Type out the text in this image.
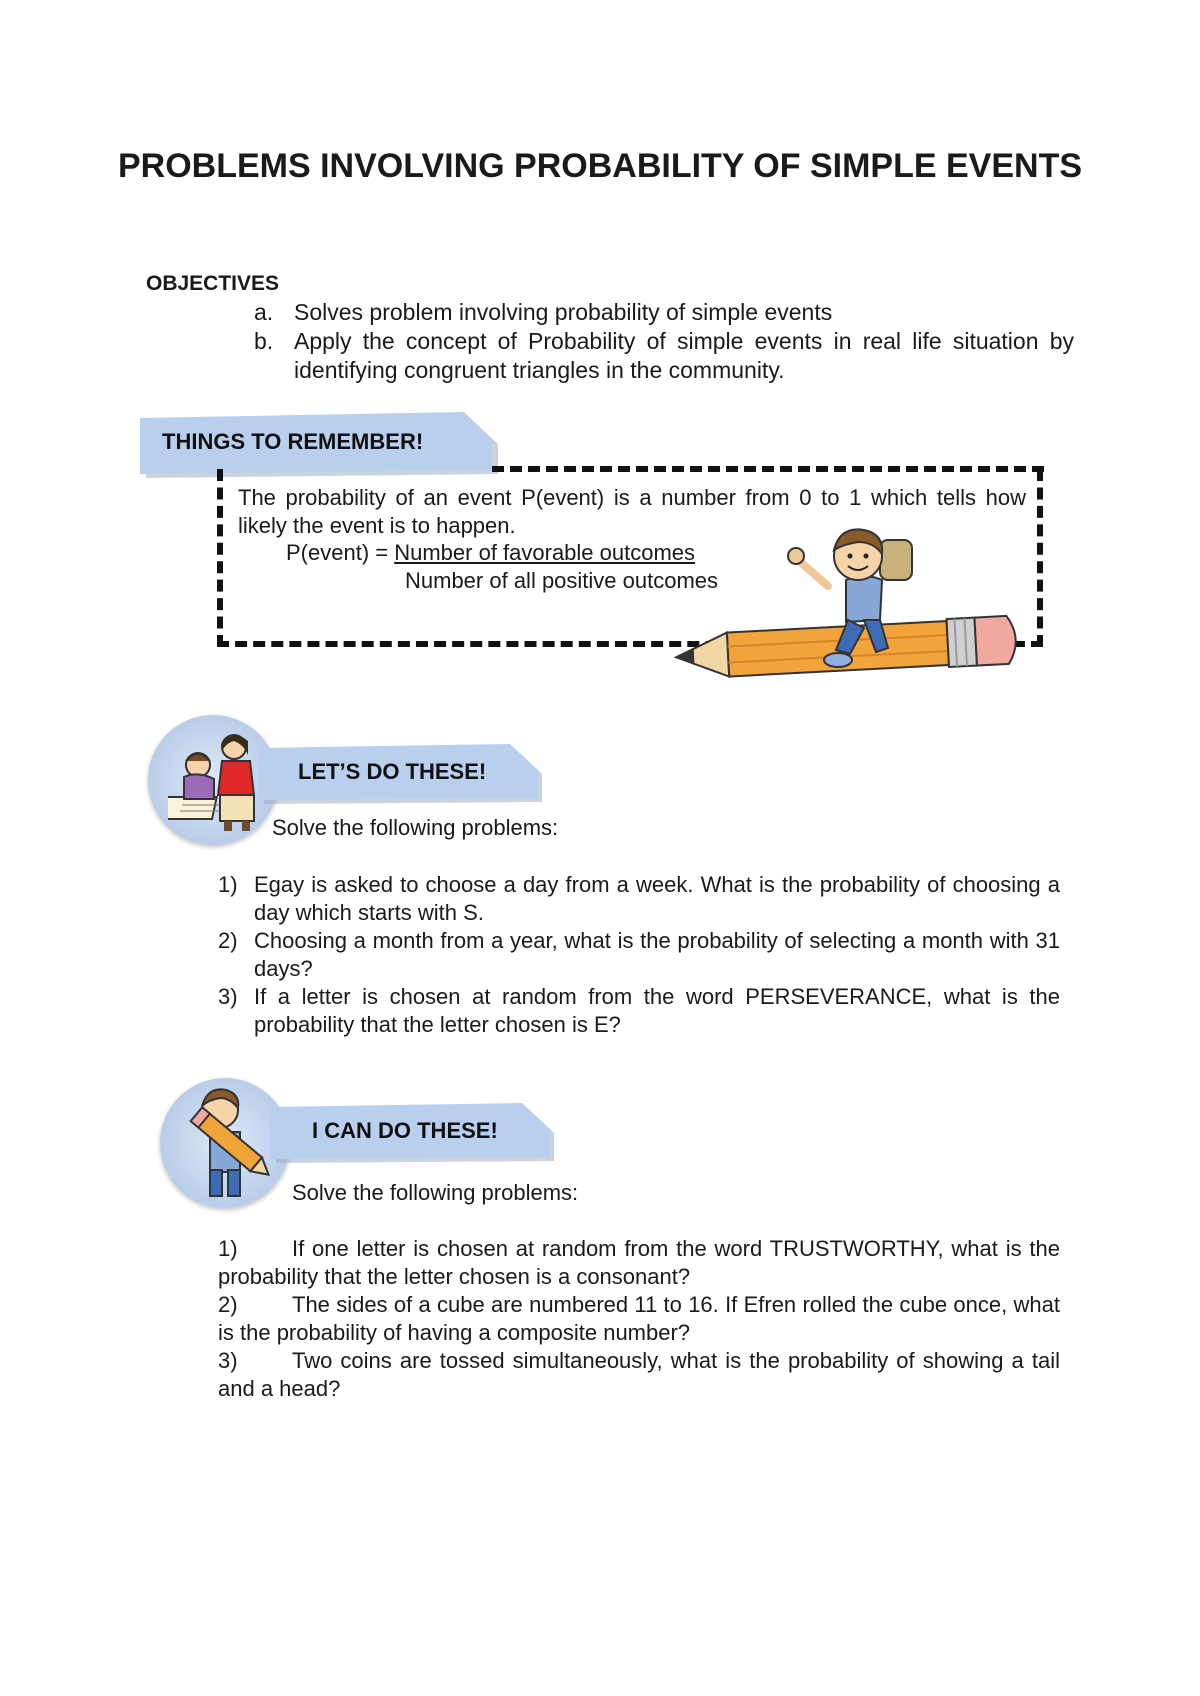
PROBLEMS INVOLVING PROBABILITY OF SIMPLE EVENTS
OBJECTIVES
a. Solves problem involving probability of simple events
b. Apply the concept of Probability of simple events in real life situation by identifying congruent triangles in the community.
THINGS TO REMEMBER!
The probability of an event P(event) is a number from 0 to 1 which tells how likely the event is to happen.
P(event) = Number of favorable outcomes
Number of all positive outcomes
LET’S DO THESE!
Solve the following problems:
1) Egay is asked to choose a day from a week. What is the probability of choosing a day which starts with S.
2) Choosing a month from a year, what is the probability of selecting a month with 31 days?
3) If a letter is chosen at random from the word PERSEVERANCE, what is the probability that the letter chosen is E?
I CAN DO THESE!
Solve the following problems:

1) If one letter is chosen at random from the word TRUSTWORTHY, what is the probability that the letter chosen is a consonant?

2) The sides of a cube are numbered 11 to 16. If Efren rolled the cube once, what is the probability of having a composite number?

3) Two coins are tossed simultaneously, what is the probability of showing a tail and a head?
